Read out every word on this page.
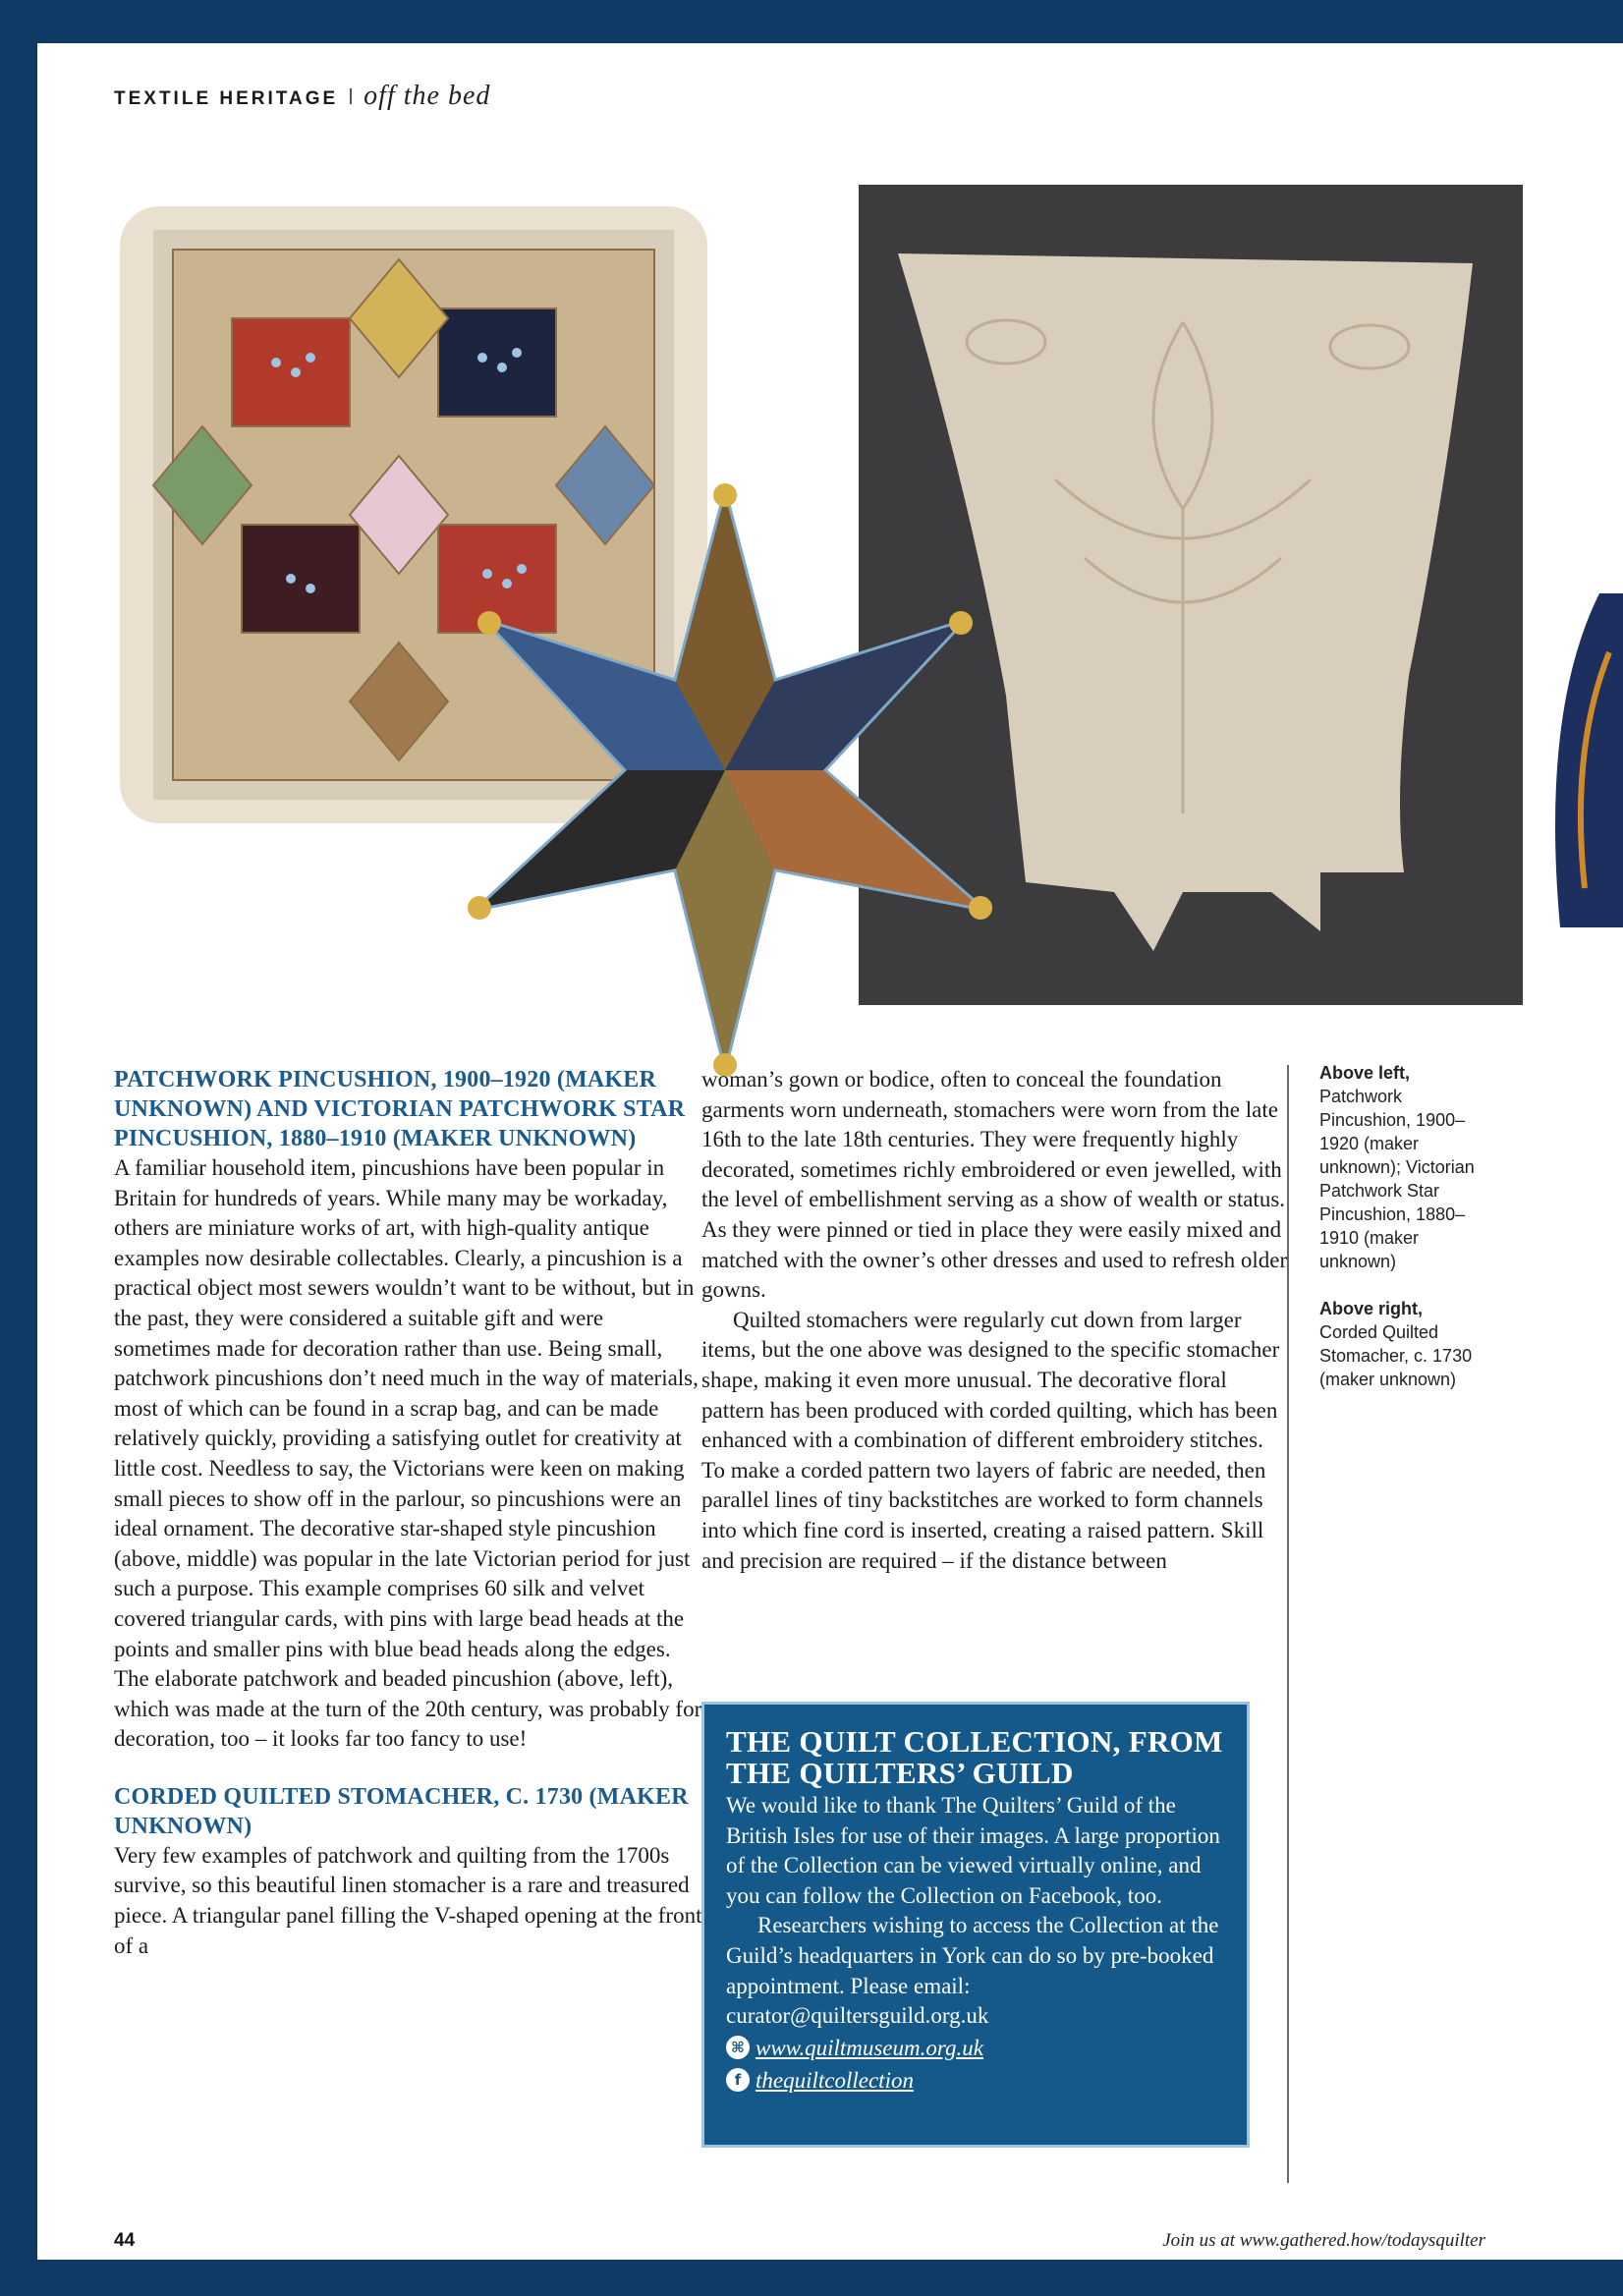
TEXTILE HERITAGE off the bed
PATCHWORK PINCUSHION, 1900–1920 (MAKER UNKNOWN) AND VICTORIAN PATCHWORK STAR PINCUSHION, 1880–1910 (MAKER UNKNOWN)

A familiar household item, pincushions have been popular in Britain for hundreds of years. While many may be workaday, others are miniature works of art, with high-quality antique examples now desirable collectables. Clearly, a pincushion is a practical object most sewers wouldn’t want to be without, but in the past, they were considered a suitable gift and were sometimes made for decoration rather than use. Being small, patchwork pincushions don’t need much in the way of materials, most of which can be found in a scrap bag, and can be made relatively quickly, providing a satisfying outlet for creativity at little cost. Needless to say, the Victorians were keen on making small pieces to show off in the parlour, so pincushions were an ideal ornament. The decorative star-shaped style pincushion (above, middle) was popular in the late Victorian period for just such a purpose. This example comprises 60 silk and velvet covered triangular cards, with pins with large bead heads at the points and smaller pins with blue bead heads along the edges. The elaborate patchwork and beaded pincushion (above, left), which was made at the turn of the 20th century, was probably for decoration, too – it looks far too fancy to use!

CORDED QUILTED STOMACHER, C. 1730 (MAKER UNKNOWN)

Very few examples of patchwork and quilting from the 1700s survive, so this beautiful linen stomacher is a rare and treasured piece. A triangular panel filling the V-shaped opening at the front of a

woman’s gown or bodice, often to conceal the foundation garments worn underneath, stomachers were worn from the late 16th to the late 18th centuries. They were frequently highly decorated, sometimes richly embroidered or even jewelled, with the level of embellishment serving as a show of wealth or status. As they were pinned or tied in place they were easily mixed and matched with the owner’s other dresses and used to refresh older gowns.

Quilted stomachers were regularly cut down from larger items, but the one above was designed to the specific stomacher shape, making it even more unusual. The decorative floral pattern has been produced with corded quilting, which has been enhanced with a combination of different embroidery stitches. To make a corded pattern two layers of fabric are needed, then parallel lines of tiny backstitches are worked to form channels into which fine cord is inserted, creating a raised pattern. Skill and precision are required – if the distance between

THE QUILT COLLECTION, FROM THE QUILTERS’ GUILD

We would like to thank The Quilters’ Guild of the British Isles for use of their images. A large proportion of the Collection can be viewed virtually online, and you can follow the Collection on Facebook, too.

Researchers wishing to access the Collection at the Guild’s headquarters in York can do so by pre-booked appointment. Please email: curator@quiltersguild.org.uk

⌘ www.quiltmuseum.org.uk
f thequiltcollection
Above left,
Patchwork Pincushion, 1900–1920 (maker unknown); Victorian Patchwork Star Pincushion, 1880–1910 (maker unknown)
Above right,
Corded Quilted Stomacher, c. 1730 (maker unknown)
44	Join us at www.gathered.how/todaysquilter
